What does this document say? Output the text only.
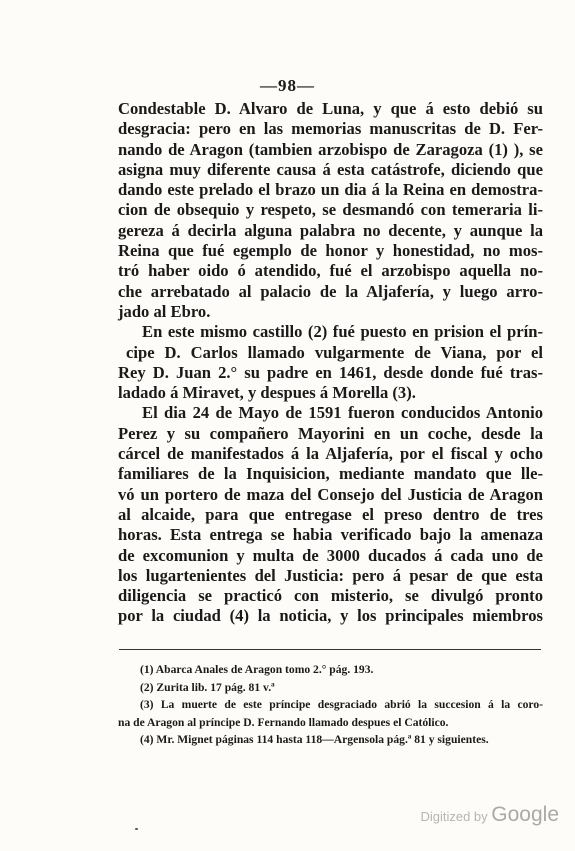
—98—
Condestable D. Alvaro de Luna, y que á esto debió su
desgracia: pero en las memorias manuscritas de D. Fer-
nando de Aragon (tambien arzobispo de Zaragoza (1) ), se
asigna muy diferente causa á esta catástrofe, diciendo que
dando este prelado el brazo un dia á la Reina en demostra-
cion de obsequio y respeto, se desmandó con temeraria li-
gereza á decirla alguna palabra no decente, y aunque la
Reina que fué egemplo de honor y honestidad, no mos-
tró haber oido ó atendido, fué el arzobispo aquella no-
che arrebatado al palacio de la Aljafería, y luego arro-
jado al Ebro.
En este mismo castillo (2) fué puesto en prision el prín-
cipe D. Carlos llamado vulgarmente de Viana, por el
Rey D. Juan 2.° su padre en 1461, desde donde fué tras-
ladado á Miravet, y despues á Morella (3).
El dia 24 de Mayo de 1591 fueron conducidos Antonio
Perez y su compañero Mayorini en un coche, desde la
cárcel de manifestados á la Aljafería, por el fiscal y ocho
familiares de la Inquisicion, mediante mandato que lle-
vó un portero de maza del Consejo del Justicia de Aragon
al alcaide, para que entregase el preso dentro de tres
horas. Esta entrega se habia verificado bajo la amenaza
de excomunion y multa de 3000 ducados á cada uno de
los lugartenientes del Justicia: pero á pesar de que esta
diligencia se practicó con misterio, se divulgó pronto
por la ciudad (4) la noticia, y los principales miembros
(1) Abarca Anales de Aragon tomo 2.° pág. 193.
(2) Zurita lib. 17 pág. 81 v.ª
(3) La muerte de este príncipe desgraciado abrió la succesion á la coro-
na de Aragon al príncipe D. Fernando llamado despues el Católico.
(4) Mr. Mignet páginas 114 hasta 118—Argensola pág.ª 81 y siguientes.
Digitized by Google
